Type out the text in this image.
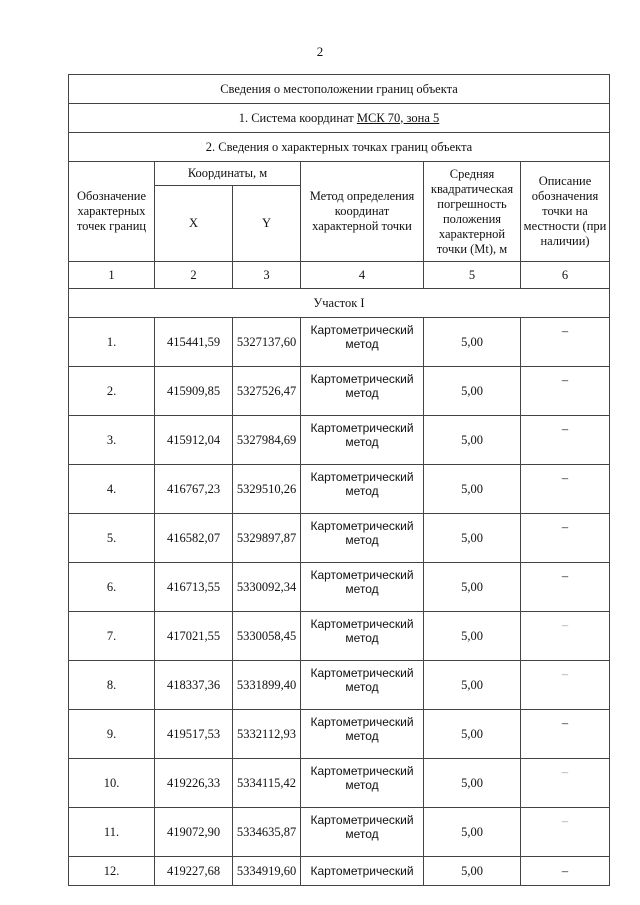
2
Сведения о местоположении границ объекта					
1. Система координат МСК 70, зона 5					
2. Сведения о характерных точках границ объекта					
Обозначение характерных точек границ	Координаты, м		Метод определения координат характерной точки	Средняя квадратическая погрешность положения характерной точки (Mt), м	Описание обозначения точки на местности (при наличии)
	X	Y			
1	2	3	4	5	6
Участок I					
1.	415441,59	5327137,60	Картометрический метод	5,00	–
2.	415909,85	5327526,47	Картометрический метод	5,00	–
3.	415912,04	5327984,69	Картометрический метод	5,00	–
4.	416767,23	5329510,26	Картометрический метод	5,00	–
5.	416582,07	5329897,87	Картометрический метод	5,00	–
6.	416713,55	5330092,34	Картометрический метод	5,00	–
7.	417021,55	5330058,45	Картометрический метод	5,00	–
8.	418337,36	5331899,40	Картометрический метод	5,00	–
9.	419517,53	5332112,93	Картометрический метод	5,00	–
10.	419226,33	5334115,42	Картометрический метод	5,00	–
11.	419072,90	5334635,87	Картометрический метод	5,00	–
12.	419227,68	5334919,60	Картометрический	5,00	–
